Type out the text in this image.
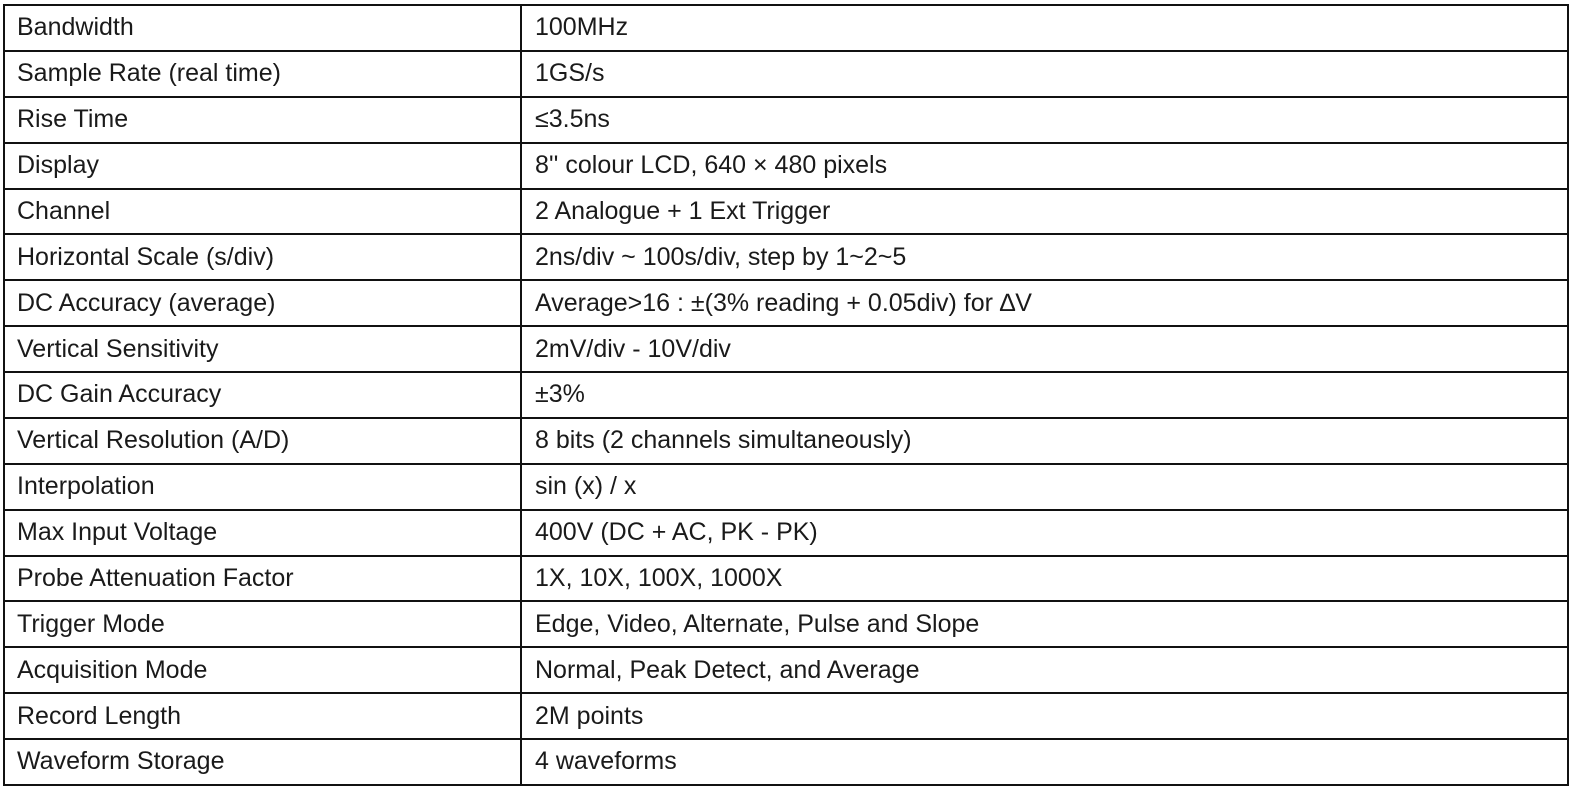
Bandwidth	100MHz
Sample Rate (real time)	1GS/s
Rise Time	≤3.5ns
Display	8'' colour LCD, 640 × 480 pixels
Channel	2 Analogue + 1 Ext Trigger
Horizontal Scale (s/div)	2ns/div ~ 100s/div, step by 1~2~5
DC Accuracy (average)	Average>16 : ±(3% reading + 0.05div) for ∆V
Vertical Sensitivity	2mV/div - 10V/div
DC Gain Accuracy	±3%
Vertical Resolution (A/D)	8 bits (2 channels simultaneously)
Interpolation	sin (x) / x
Max Input Voltage	400V (DC + AC, PK - PK)
Probe Attenuation Factor	1X, 10X, 100X, 1000X
Trigger Mode	Edge, Video, Alternate, Pulse and Slope
Acquisition Mode	Normal, Peak Detect, and Average
Record Length	2M points
Waveform Storage	4 waveforms
